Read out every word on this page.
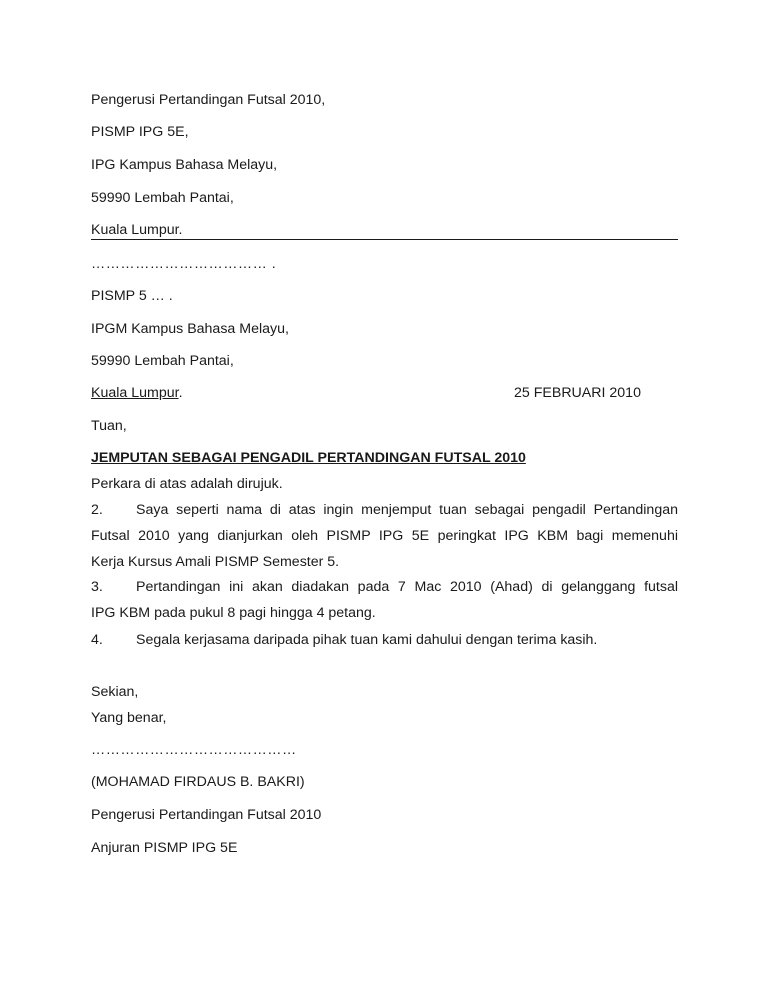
Pengerusi Pertandingan Futsal 2010,
PISMP IPG 5E,
IPG Kampus Bahasa Melayu,
59990 Lembah Pantai,
Kuala Lumpur.
……………………………… .
PISMP 5 … .
IPGM Kampus Bahasa Melayu,
59990 Lembah Pantai,
Kuala Lumpur.	25 FEBRUARI 2010
Tuan,
JEMPUTAN SEBAGAI PENGADIL PERTANDINGAN FUTSAL 2010
Perkara di atas adalah dirujuk.
2. Saya seperti nama di atas ingin menjemput tuan sebagai pengadil Pertandingan
Futsal 2010 yang dianjurkan oleh PISMP IPG 5E peringkat IPG KBM bagi memenuhi
Kerja Kursus Amali PISMP Semester 5.
3. Pertandingan ini akan diadakan pada 7 Mac 2010 (Ahad) di gelanggang futsal
IPG KBM pada pukul 8 pagi hingga 4 petang.
4. Segala kerjasama daripada pihak tuan kami dahului dengan terima kasih.
Sekian,
Yang benar,
……………………………………
(MOHAMAD FIRDAUS B. BAKRI)
Pengerusi Pertandingan Futsal 2010
Anjuran PISMP IPG 5E
